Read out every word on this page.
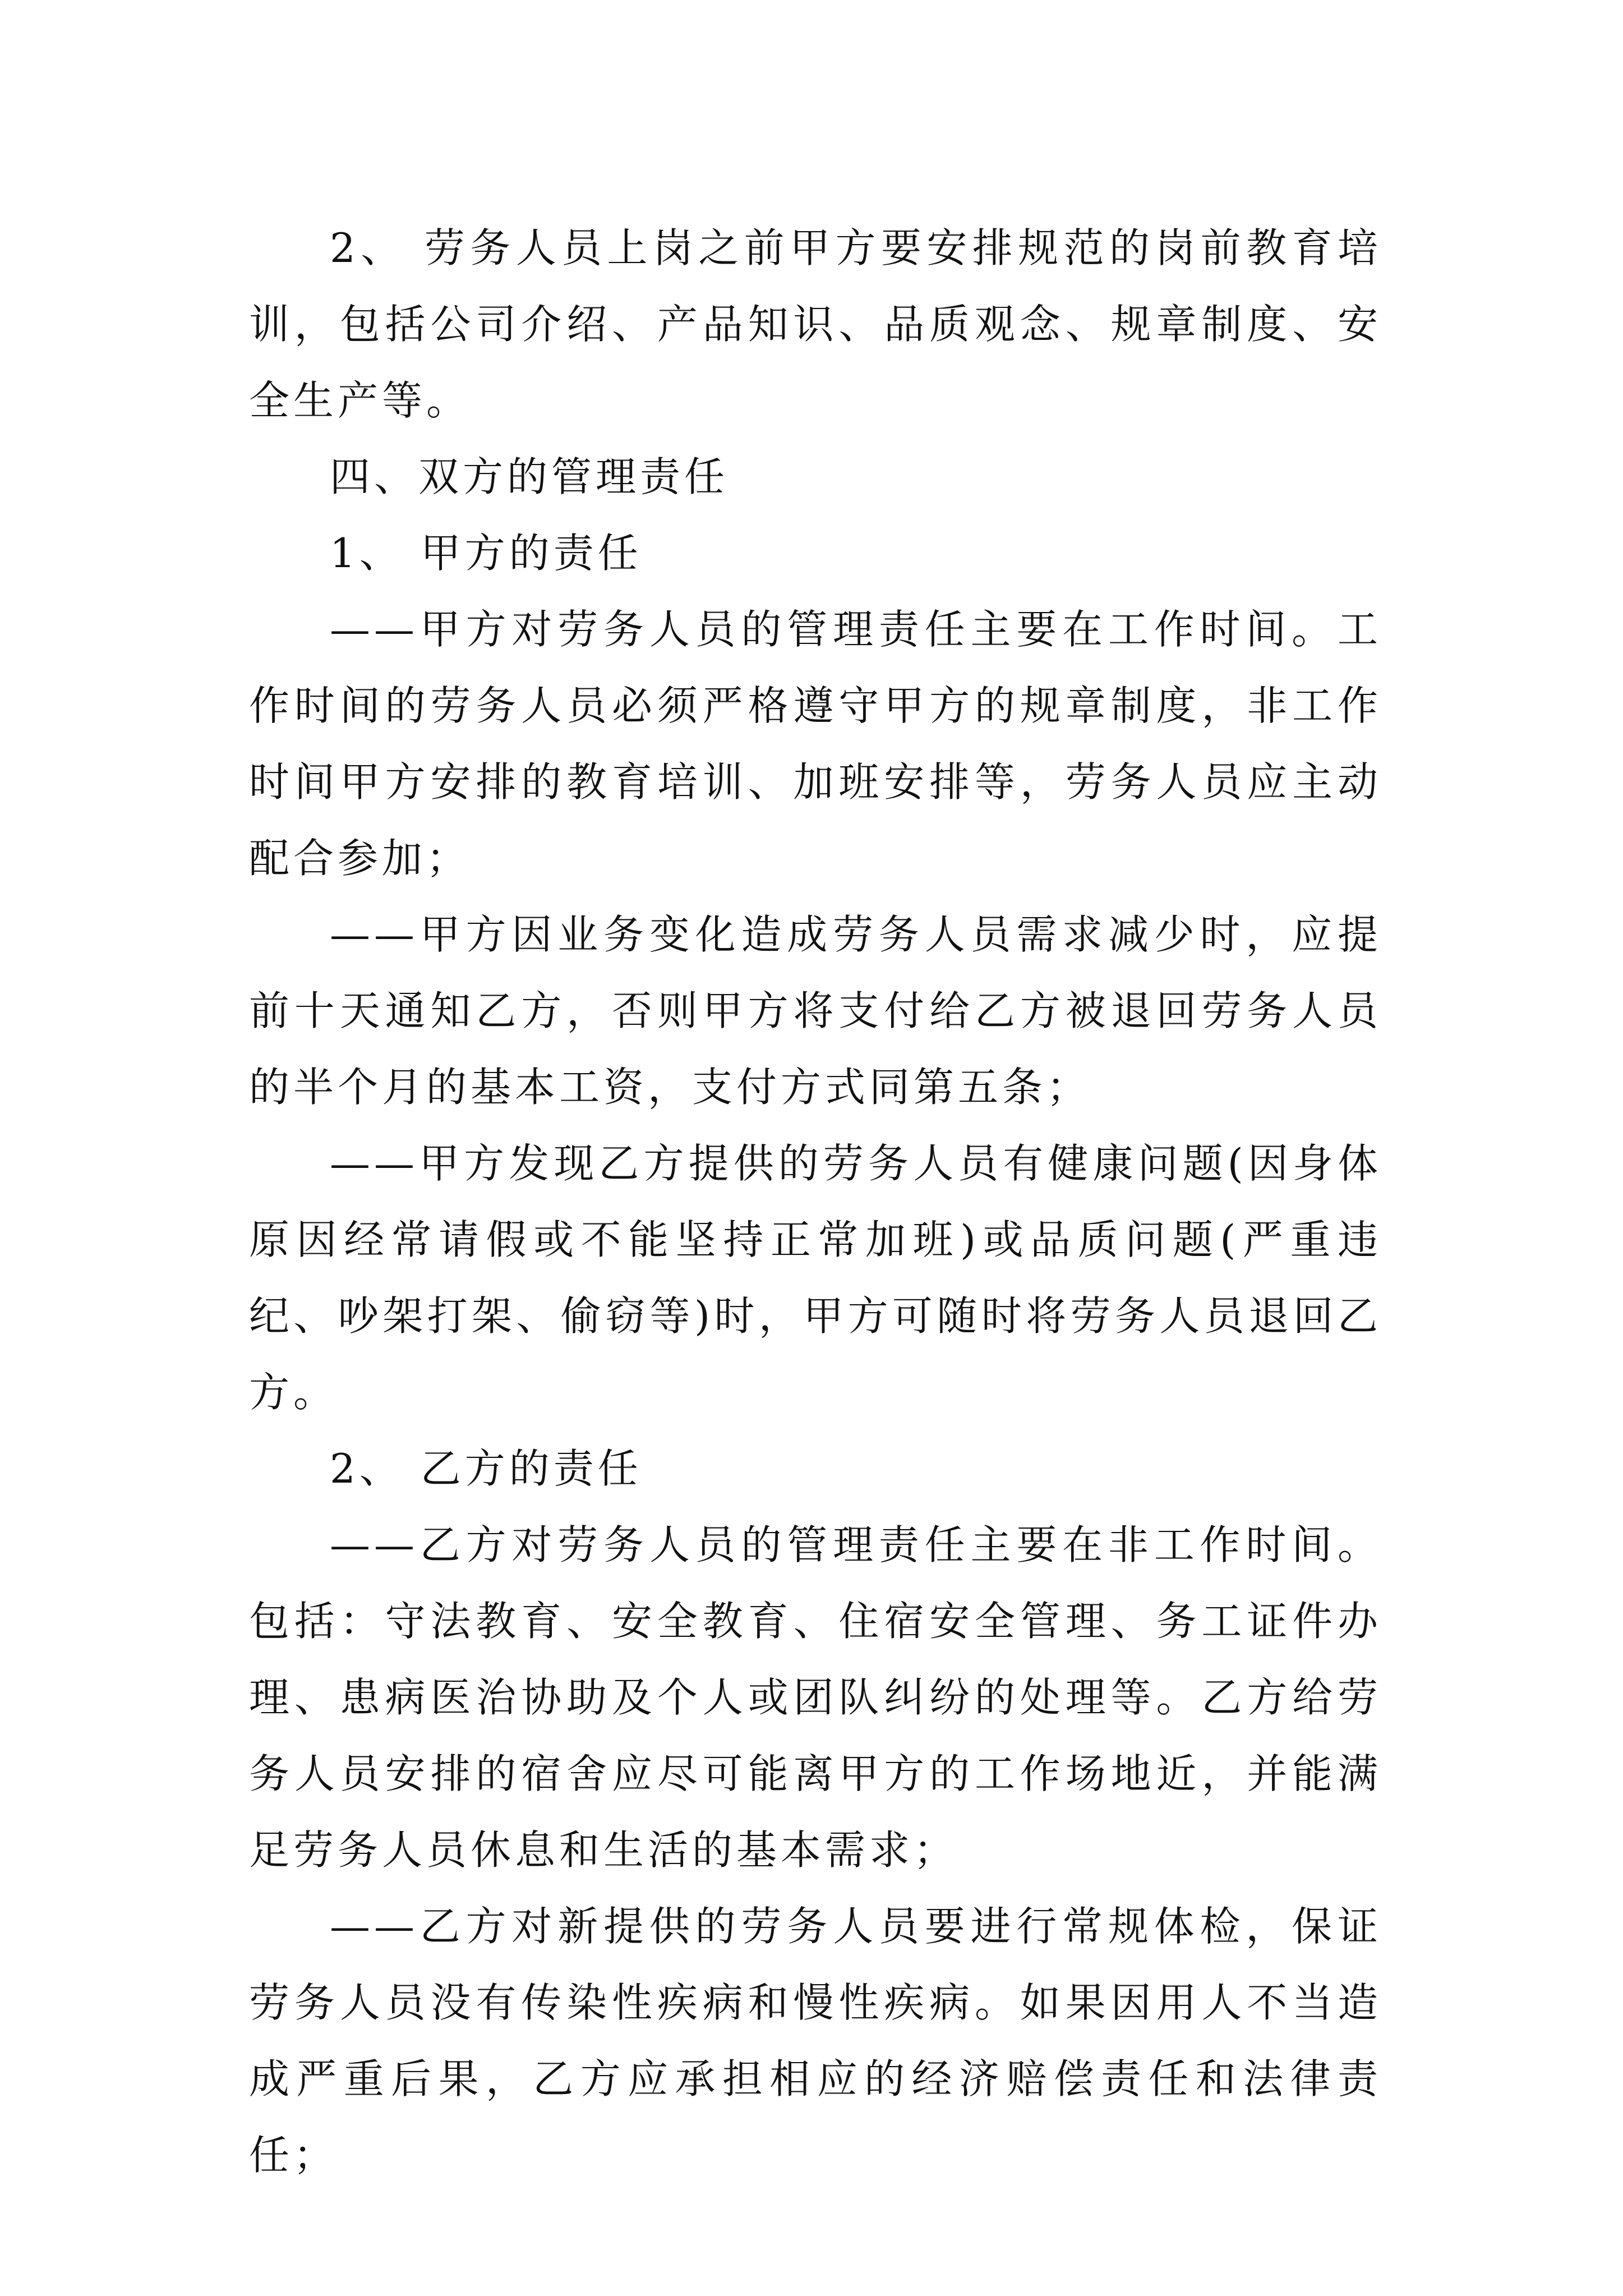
2、 劳务人员上岗之前甲方要安排规范的岗前教育培训，包括公司介绍、产品知识、品质观念、规章制度、安全生产等。

四、双方的管理责任

1、 甲方的责任

——甲方对劳务人员的管理责任主要在工作时间。工作时间的劳务人员必须严格遵守甲方的规章制度，非工作时间甲方安排的教育培训、加班安排等，劳务人员应主动配合参加；

——甲方因业务变化造成劳务人员需求减少时，应提前十天通知乙方，否则甲方将支付给乙方被退回劳务人员的半个月的基本工资，支付方式同第五条；

——甲方发现乙方提供的劳务人员有健康问题(因身体原因经常请假或不能坚持正常加班)或品质问题(严重违纪、吵架打架、偷窃等)时，甲方可随时将劳务人员退回乙方。

2、 乙方的责任

——乙方对劳务人员的管理责任主要在非工作时间。包括：守法教育、安全教育、住宿安全管理、务工证件办理、患病医治协助及个人或团队纠纷的处理等。乙方给劳务人员安排的宿舍应尽可能离甲方的工作场地近，并能满足劳务人员休息和生活的基本需求；

——乙方对新提供的劳务人员要进行常规体检，保证劳务人员没有传染性疾病和慢性疾病。如果因用人不当造成严重后果，乙方应承担相应的经济赔偿责任和法律责任；
